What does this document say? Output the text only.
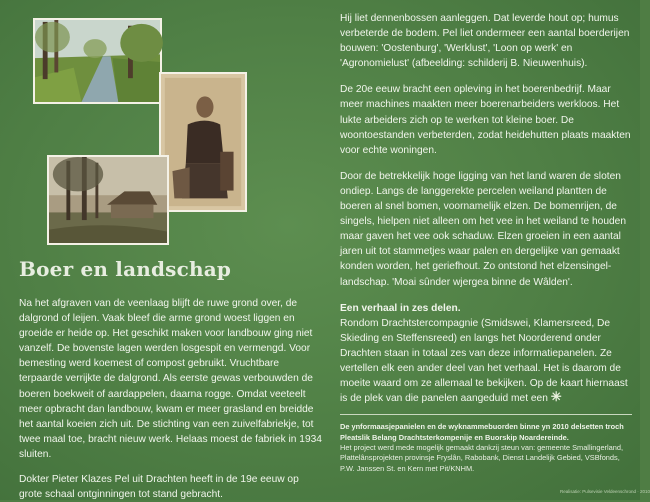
Boer en landschap

Na het afgraven van de veenlaag blijft de ruwe grond over, de dalgrond of leijen. Vaak bleef die arme grond woest liggen en groeide er heide op. Het geschikt maken voor landbouw ging niet vanzelf. De bovenste lagen werden losgespit en vermengd. Voor bemesting werd koemest of compost gebruikt. Vruchtbare terpaarde verrijkte de dalgrond. Als eerste gewas verbouwden de boeren boekweit of aardappelen, daarna rogge. Omdat veeteelt meer opbracht dan landbouw, kwam er meer grasland en breidde het aantal koeien zich uit. De stichting van een zuivelfabriekje, tot twee maal toe, bracht nieuw werk. Helaas moest de fabriek in 1934 sluiten.

Dokter Pieter Klazes Pel uit Drachten heeft in de 19e eeuw op grote schaal ontginningen tot stand gebracht.

Hij liet dennenbossen aanleggen. Dat leverde hout op; humus verbeterde de bodem. Pel liet ondermeer een aantal boerderijen bouwen: 'Oostenburg', 'Werklust', 'Loon op werk' en 'Agronomielust' (afbeelding: schilderij B. Nieuwenhuis).

De 20e eeuw bracht een opleving in het boerenbedrijf. Maar meer machines maakten meer boerenarbeiders werkloos. Het lukte arbeiders zich op te werken tot kleine boer. De woontoestanden verbeterden, zodat heidehutten plaats maakten voor echte woningen.

Door de betrekkelijk hoge ligging van het land waren de sloten ondiep. Langs de langgerekte percelen weiland plantten de boeren al snel bomen, voornamelijk elzen. De bomenrijen, de singels, hielpen niet alleen om het vee in het weiland te houden maar gaven het vee ook schaduw. Elzen groeien in een aantal jaren uit tot stammetjes waar palen en dergelijke van gemaakt konden worden, het geriefhout. Zo ontstond het elzensingel-landschap. 'Moai sûnder wjergea binne de Wâlden'.

Een verhaal in zes delen.

Rondom Drachtstercompagnie (Smidswei, Klamersreed, De Skieding en Steffensreed) en langs het Noorderend onder Drachten staan in totaal zes van deze informatiepanelen. Ze vertellen elk een ander deel van het verhaal. Het is daarom de moeite waard om ze allemaal te bekijken. Op de kaart hiernaast is de plek van die panelen aangeduid met een ✳

De ynformaasjepanielen en de wyknammebuorden binne yn 2010 delsetten troch Pleatslik Belang Drachtsterkompenije en Buorskip Noardereinde.

Het project werd mede mogelijk gemaakt dankzij steun van: gemeente Smallingerland, Plattelânsprojekten provinsje Fryslân, Rabobank, Dienst Landelijk Gebied, VSBfonds, P.W. Janssen St. en Kern met Pit/KNHM.

Realisatie: Pulsevisie Veldeenschrond · 2010
